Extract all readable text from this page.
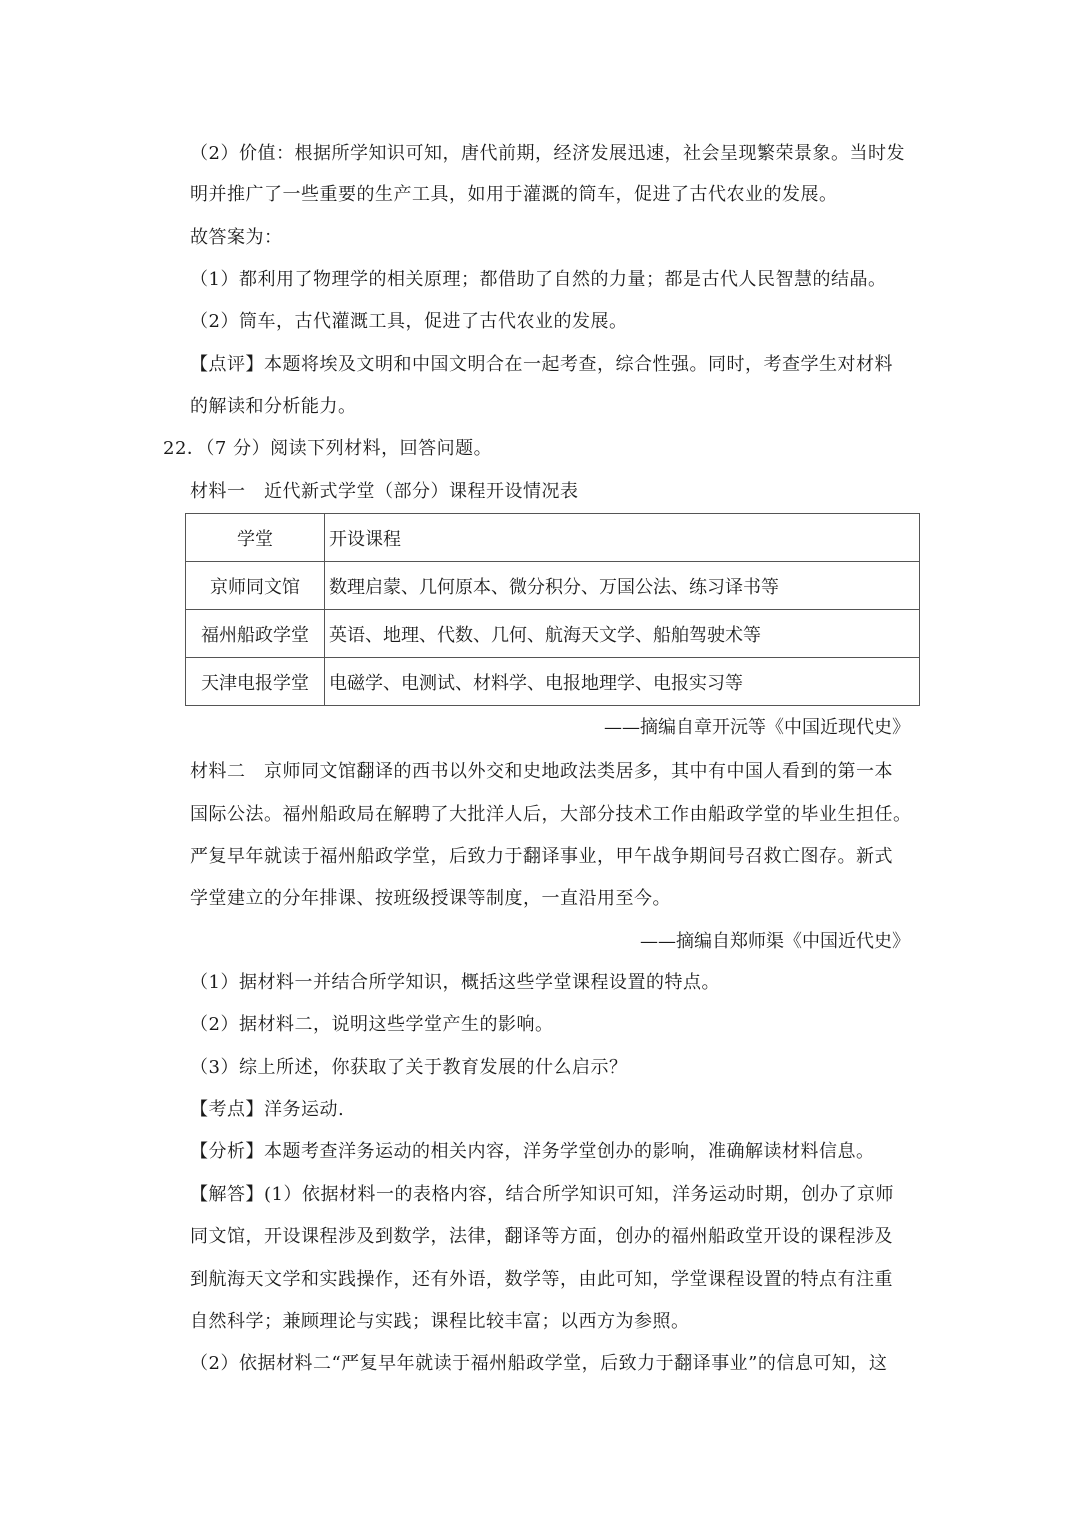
（2）价值：根据所学知识可知，唐代前期，经济发展迅速，社会呈现繁荣景象。当时发
明并推广了一些重要的生产工具，如用于灌溉的筒车，促进了古代农业的发展。
故答案为：
（1）都利用了物理学的相关原理；都借助了自然的力量；都是古代人民智慧的结晶。
（2）筒车，古代灌溉工具，促进了古代农业的发展。
【点评】本题将埃及文明和中国文明合在一起考查，综合性强。同时，考查学生对材料
的解读和分析能力。
22．（7 分）阅读下列材料，回答问题。
材料一　近代新式学堂（部分）课程开设情况表
学堂	开设课程
京师同文馆	数理启蒙、几何原本、微分积分、万国公法、练习译书等
福州船政学堂	英语、地理、代数、几何、航海天文学、船舶驾驶术等
天津电报学堂	电磁学、电测试、材料学、电报地理学、电报实习等
——摘编自章开沅等《中国近现代史》
材料二　京师同文馆翻译的西书以外交和史地政法类居多，其中有中国人看到的第一本
国际公法。福州船政局在解聘了大批洋人后，大部分技术工作由船政学堂的毕业生担任。
严复早年就读于福州船政学堂，后致力于翻译事业，甲午战争期间号召救亡图存。新式
学堂建立的分年排课、按班级授课等制度，一直沿用至今。
——摘编自郑师渠《中国近代史》
（1）据材料一并结合所学知识，概括这些学堂课程设置的特点。
（2）据材料二，说明这些学堂产生的影响。
（3）综上所述，你获取了关于教育发展的什么启示？
【考点】洋务运动.
【分析】本题考查洋务运动的相关内容，洋务学堂创办的影响，准确解读材料信息。
【解答】(1）依据材料一的表格内容，结合所学知识可知，洋务运动时期，创办了京师
同文馆，开设课程涉及到数学，法律，翻译等方面，创办的福州船政堂开设的课程涉及
到航海天文学和实践操作，还有外语，数学等，由此可知，学堂课程设置的特点有注重
自然科学；兼顾理论与实践；课程比较丰富；以西方为参照。
（2）依据材料二“严复早年就读于福州船政学堂，后致力于翻译事业”的信息可知，这
